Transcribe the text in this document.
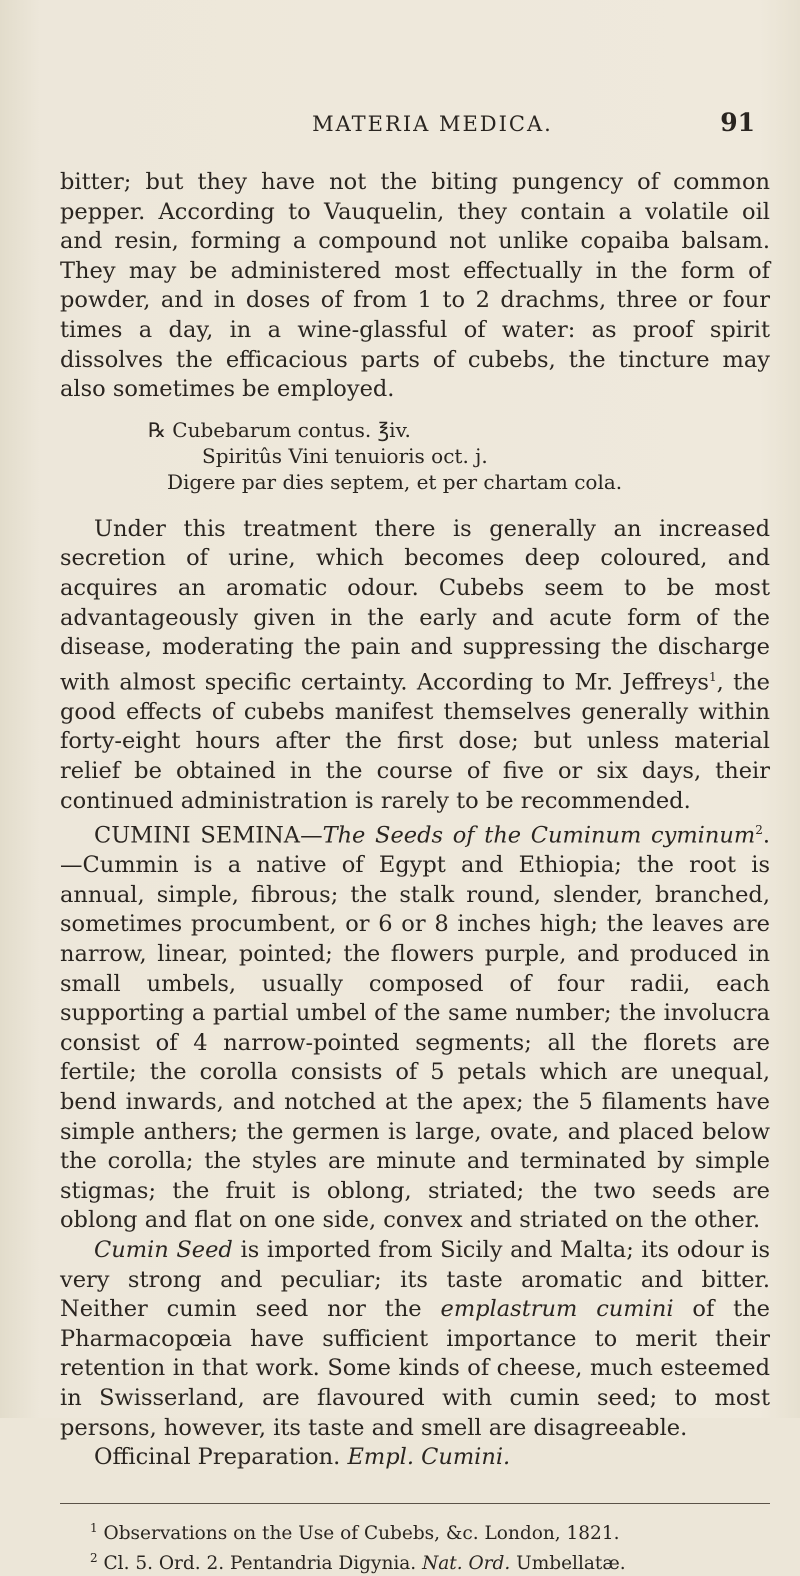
MATERIA MEDICA.	91

bitter; but they have not the biting pungency of common pepper. According to Vauquelin, they contain a volatile oil and resin, forming a compound not unlike copaiba balsam. They may be administered most effectually in the form of powder, and in doses of from 1 to 2 drachms, three or four times a day, in a wine-glassful of water: as proof spirit dissolves the efficacious parts of cubebs, the tincture may also sometimes be employed.

℞ Cubebarum contus. ℥iv.
Spiritûs Vini tenuioris oct. j.
Digere par dies septem, et per chartam cola.

Under this treatment there is generally an increased secretion of urine, which becomes deep coloured, and acquires an aromatic odour. Cubebs seem to be most advantageously given in the early and acute form of the disease, moderating the pain and suppressing the discharge with almost specific certainty. According to Mr. Jeffreys$^1$, the good effects of cubebs manifest themselves generally within forty-eight hours after the first dose; but unless material relief be obtained in the course of five or six days, their continued administration is rarely to be recommended.

CUMINI SEMINA—The Seeds of the Cuminum cyminum$^2$.—Cummin is a native of Egypt and Ethiopia; the root is annual, simple, fibrous; the stalk round, slender, branched, sometimes procumbent, or 6 or 8 inches high; the leaves are narrow, linear, pointed; the flowers purple, and produced in small umbels, usually composed of four radii, each supporting a partial umbel of the same number; the involucra consist of 4 narrow-pointed segments; all the florets are fertile; the corolla consists of 5 petals which are unequal, bend inwards, and notched at the apex; the 5 filaments have simple anthers; the germen is large, ovate, and placed below the corolla; the styles are minute and terminated by simple stigmas; the fruit is oblong, striated; the two seeds are oblong and flat on one side, convex and striated on the other.

Cumin Seed is imported from Sicily and Malta; its odour is very strong and peculiar; its taste aromatic and bitter. Neither cumin seed nor the emplastrum cumini of the Pharmacopœia have sufficient importance to merit their retention in that work. Some kinds of cheese, much esteemed in Swisserland, are flavoured with cumin seed; to most persons, however, its taste and smell are disagreeable.

Officinal Preparation. Empl. Cumini.

$^1$ Observations on the Use of Cubebs, &c. London, 1821.
$^2$ Cl. 5. Ord. 2. Pentandria Digynia. Nat. Ord. Umbellatæ.
